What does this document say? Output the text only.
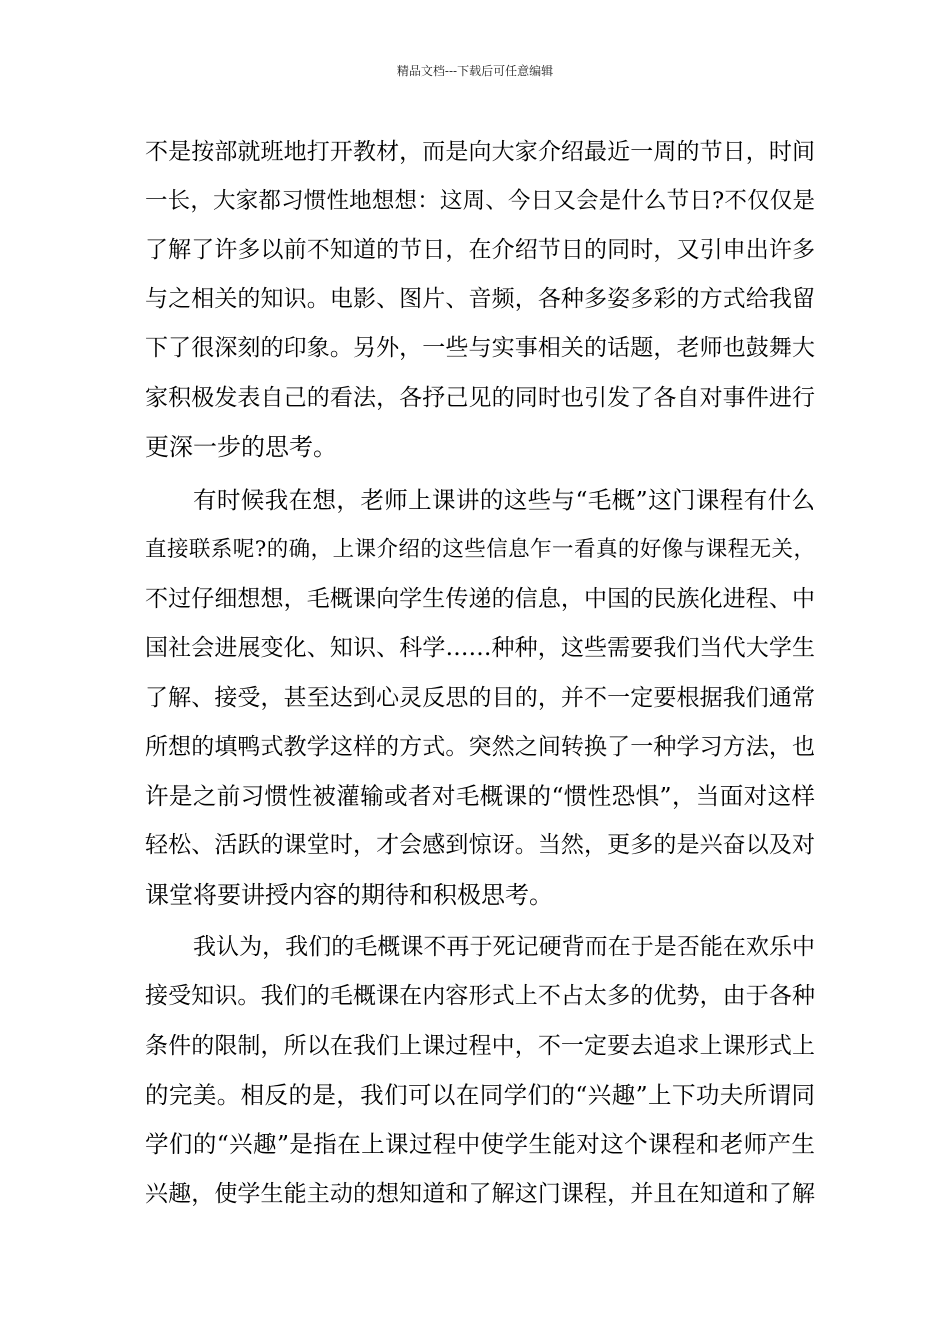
精品文档---下载后可任意编辑
不是按部就班地打开教材，而是向大家介绍最近一周的节日，时间
一长，大家都习惯性地想想：这周、今日又会是什么节日?不仅仅是
了解了许多以前不知道的节日，在介绍节日的同时，又引申出许多
与之相关的知识。电影、图片、音频，各种多姿多彩的方式给我留
下了很深刻的印象。另外，一些与实事相关的话题，老师也鼓舞大
家积极发表自己的看法，各抒己见的同时也引发了各自对事件进行
更深一步的思考。
有时候我在想，老师上课讲的这些与“毛概”这门课程有什么
直接联系呢?的确，上课介绍的这些信息乍一看真的好像与课程无关，
不过仔细想想，毛概课向学生传递的信息，中国的民族化进程、中
国社会进展变化、知识、科学……种种，这些需要我们当代大学生
了解、接受，甚至达到心灵反思的目的，并不一定要根据我们通常
所想的填鸭式教学这样的方式。突然之间转换了一种学习方法，也
许是之前习惯性被灌输或者对毛概课的“惯性恐惧”，当面对这样
轻松、活跃的课堂时，才会感到惊讶。当然，更多的是兴奋以及对
课堂将要讲授内容的期待和积极思考。
我认为，我们的毛概课不再于死记硬背而在于是否能在欢乐中
接受知识。我们的毛概课在内容形式上不占太多的优势，由于各种
条件的限制，所以在我们上课过程中，不一定要去追求上课形式上
的完美。相反的是，我们可以在同学们的“兴趣”上下功夫所谓同
学们的“兴趣”是指在上课过程中使学生能对这个课程和老师产生
兴趣，使学生能主动的想知道和了解这门课程，并且在知道和了解
